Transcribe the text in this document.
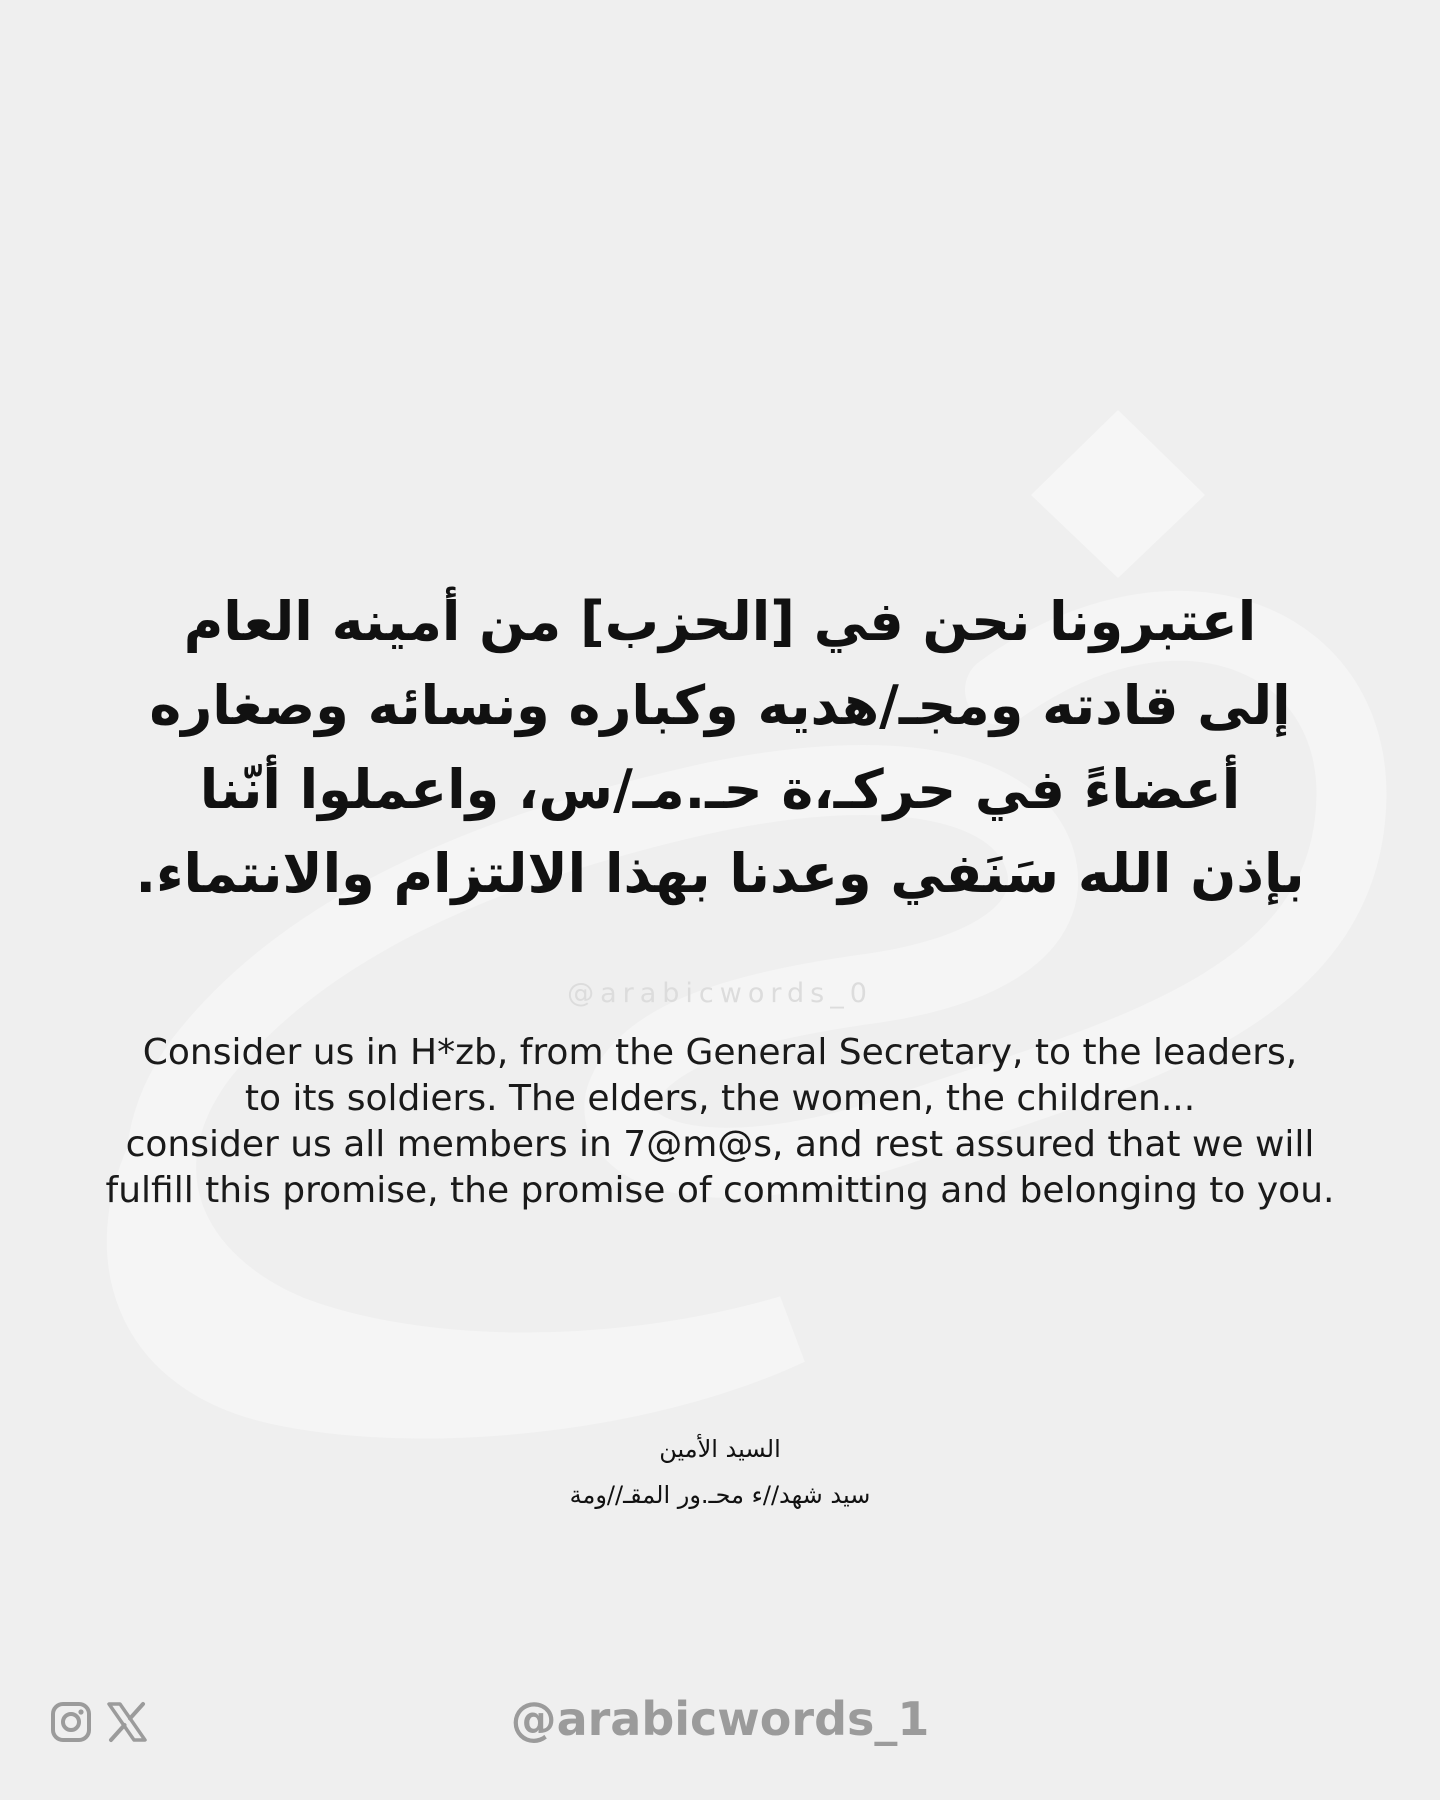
اعتبرونا نحن في [الحزب] من أمينه العام
إلى قادته ومجـ/هديه وكباره ونسائه وصغاره
أعضاءً في حركـ،ة حـ.مـ/س، واعملوا أنّنا
بإذن الله سَنَفي وعدنا بهذا الالتزام والانتماء.
@arabicwords_0
Consider us in H*zb, from the General Secretary, to the leaders,
to its soldiers. The elders, the women, the children...
consider us all members in 7@m@s, and rest assured that we will
fulfill this promise, the promise of committing and belonging to you.
السيد الأمين
سيد شهد//ء محـ.ور المقـ//ومة
@arabicwords_1
